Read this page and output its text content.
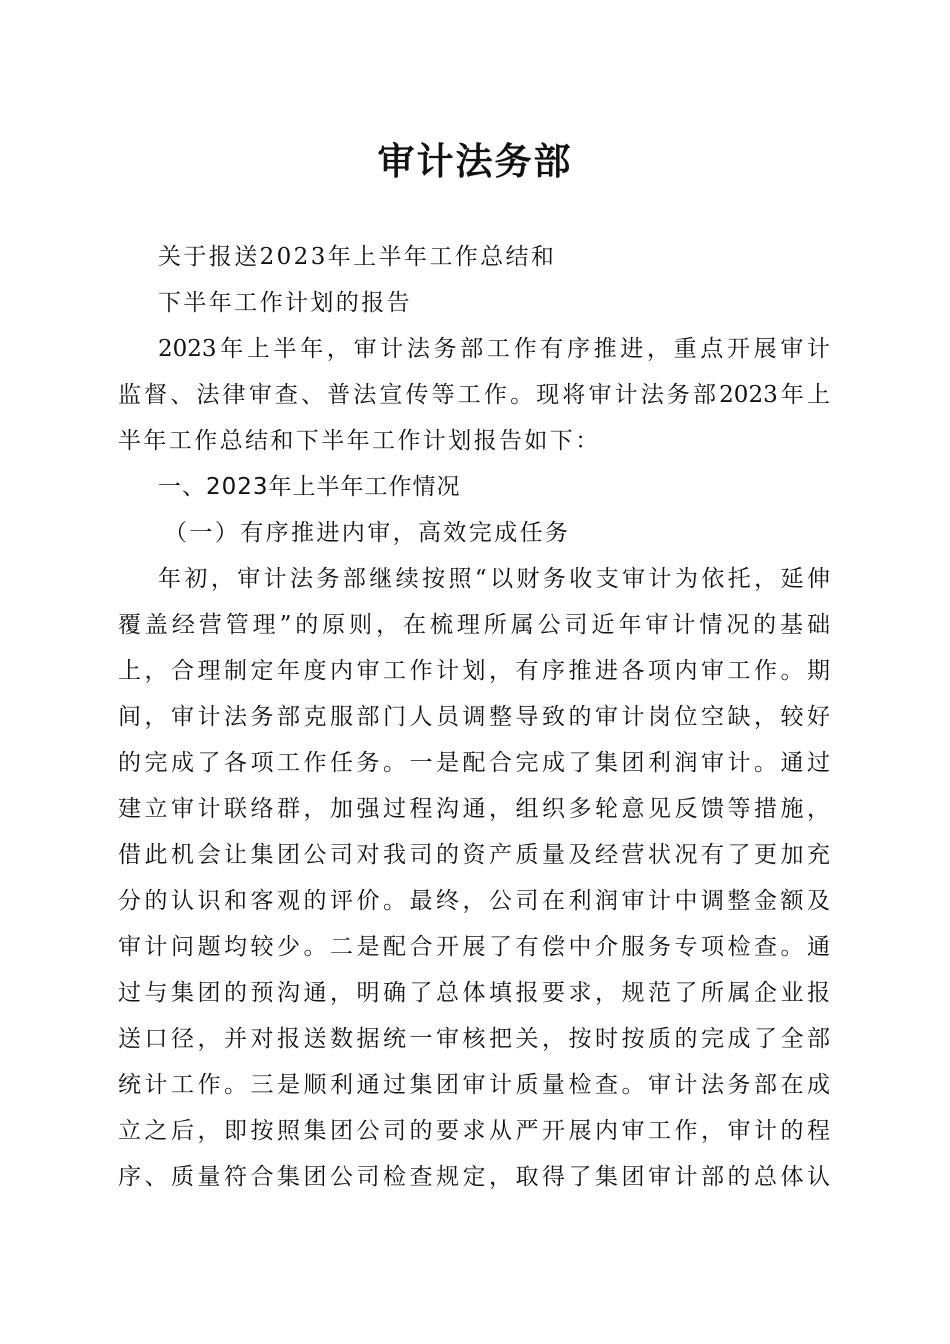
审计法务部
关于报送2023年上半年工作总结和
下半年工作计划的报告
2023年上半年，审计法务部工作有序推进，重点开展审计
监督、法律审查、普法宣传等工作。现将审计法务部2023年上
半年工作总结和下半年工作计划报告如下：
一、2023年上半年工作情况
（一）有序推进内审，高效完成任务
年初，审计法务部继续按照“以财务收支审计为依托，延伸
覆盖经营管理”的原则，在梳理所属公司近年审计情况的基础
上，合理制定年度内审工作计划，有序推进各项内审工作。期
间，审计法务部克服部门人员调整导致的审计岗位空缺，较好
的完成了各项工作任务。一是配合完成了集团利润审计。通过
建立审计联络群，加强过程沟通，组织多轮意见反馈等措施，
借此机会让集团公司对我司的资产质量及经营状况有了更加充
分的认识和客观的评价。最终，公司在利润审计中调整金额及
审计问题均较少。二是配合开展了有偿中介服务专项检查。通
过与集团的预沟通，明确了总体填报要求，规范了所属企业报
送口径，并对报送数据统一审核把关，按时按质的完成了全部
统计工作。三是顺利通过集团审计质量检查。审计法务部在成
立之后，即按照集团公司的要求从严开展内审工作，审计的程
序、质量符合集团公司检查规定，取得了集团审计部的总体认
